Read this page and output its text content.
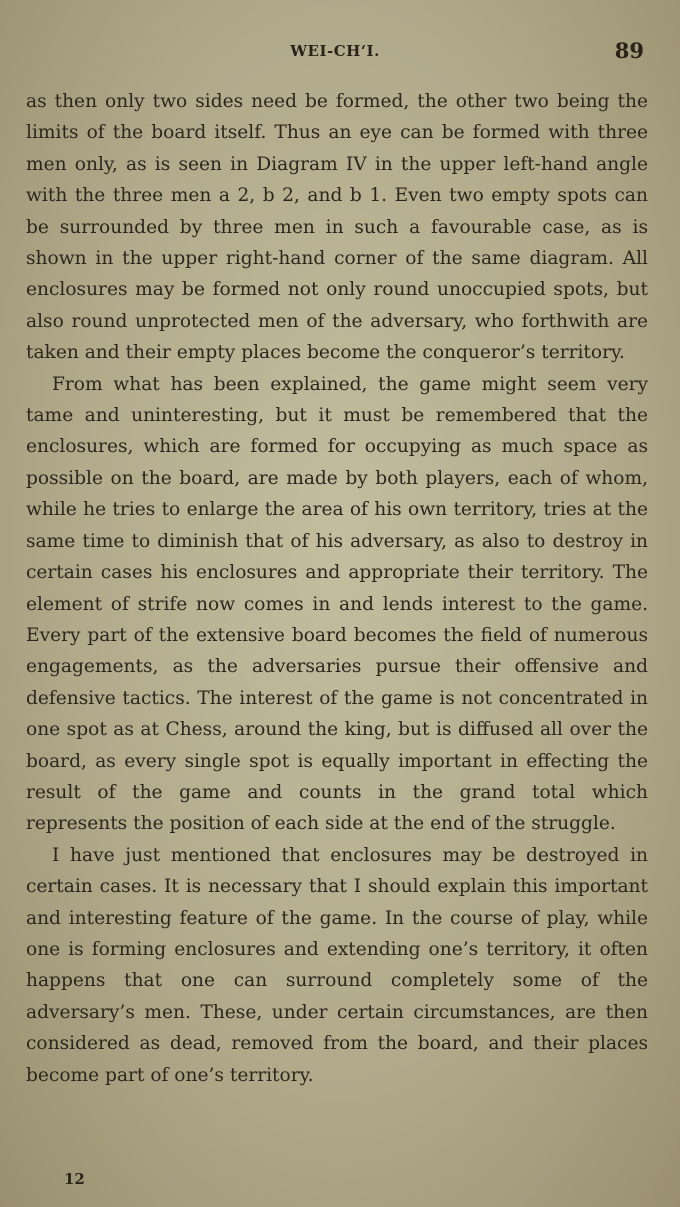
WEI-CH‘I.	89

as then only two sides need be formed, the other two being the limits of the board itself. Thus an eye can be formed with three men only, as is seen in Diagram IV in the upper left-hand angle with the three men a 2, b 2, and b 1. Even two empty spots can be surrounded by three men in such a favourable case, as is shown in the upper right-hand corner of the same diagram. All enclosures may be formed not only round unoccupied spots, but also round unprotected men of the adversary, who forthwith are taken and their empty places become the conqueror’s territory.

From what has been explained, the game might seem very tame and uninteresting, but it must be remembered that the enclosures, which are formed for occupying as much space as possible on the board, are made by both players, each of whom, while he tries to enlarge the area of his own territory, tries at the same time to diminish that of his adversary, as also to destroy in certain cases his enclosures and appropriate their territory. The element of strife now comes in and lends interest to the game. Every part of the extensive board becomes the field of numerous engagements, as the adversaries pursue their offensive and defensive tactics. The interest of the game is not concentrated in one spot as at Chess, around the king, but is diffused all over the board, as every single spot is equally important in effecting the result of the game and counts in the grand total which represents the position of each side at the end of the struggle.

I have just mentioned that enclosures may be destroyed in certain cases. It is necessary that I should explain this important and interesting feature of the game. In the course of play, while one is forming enclosures and extending one’s territory, it often happens that one can surround completely some of the adversary’s men. These, under certain circumstances, are then considered as dead, removed from the board, and their places become part of one’s territory.

12
